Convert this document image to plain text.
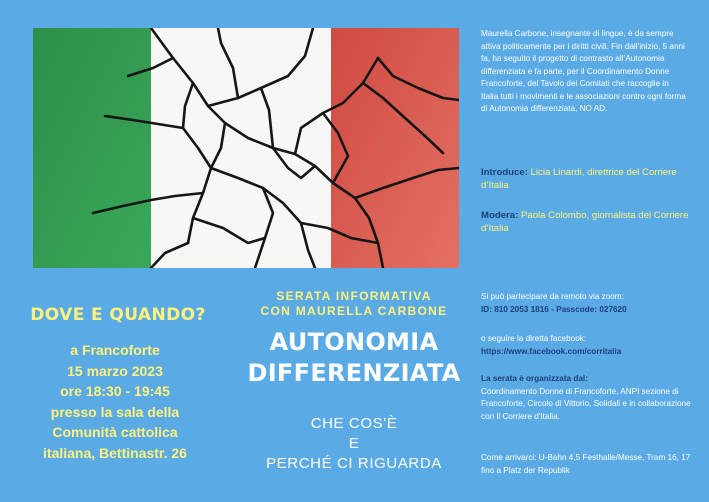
Maurella Carbone, insegnante di lingue, è da sempre attiva politicamente per i diritti civili. Fin dall’inizio, 5 anni fa, ha seguito il progetto di contrasto all’Autonomia differenziata e fa parte, per il Coordinamento Donne Francoforte, del Tavolo dei Comitati che raccoglie in Italia tutti i movimenti e le associazioni contro ogni forma di Autonomia differenziata, NO AD.
Introduce: Licia Linardi, direttrice del Corriere d’Italia
Modera: Paola Colombo, giornalista del Corriere d’Italia
DOVE E QUANDO?
a Francoforte
15 marzo 2023
ore 18:30 - 19:45
presso la sala della
Comunità cattolica
italiana, Bettinastr. 26
SERATA INFORMATIVA
CON MAURELLA CARBONE
AUTONOMIA
DIFFERENZIATA
CHE COS'È
E
PERCHÉ CI RIGUARDA
Si può partecipare da remoto via zoom:
ID: 810 2053 1816 - Passcode: 027620
o seguire la diretta facebook:
https://www.facebook.com/corritalia
La serata è organizzata dal:
Coordinamento Donne di Francoforte, ANPI sezione di Francoforte, Circolo di Vittorio, Solidali e in collaborazione con il Corriere d'Italia.
Come arrivarci: U-Bahn 4,5 Festhalle/Messe, Tram 16, 17 fino a Platz der Republik
